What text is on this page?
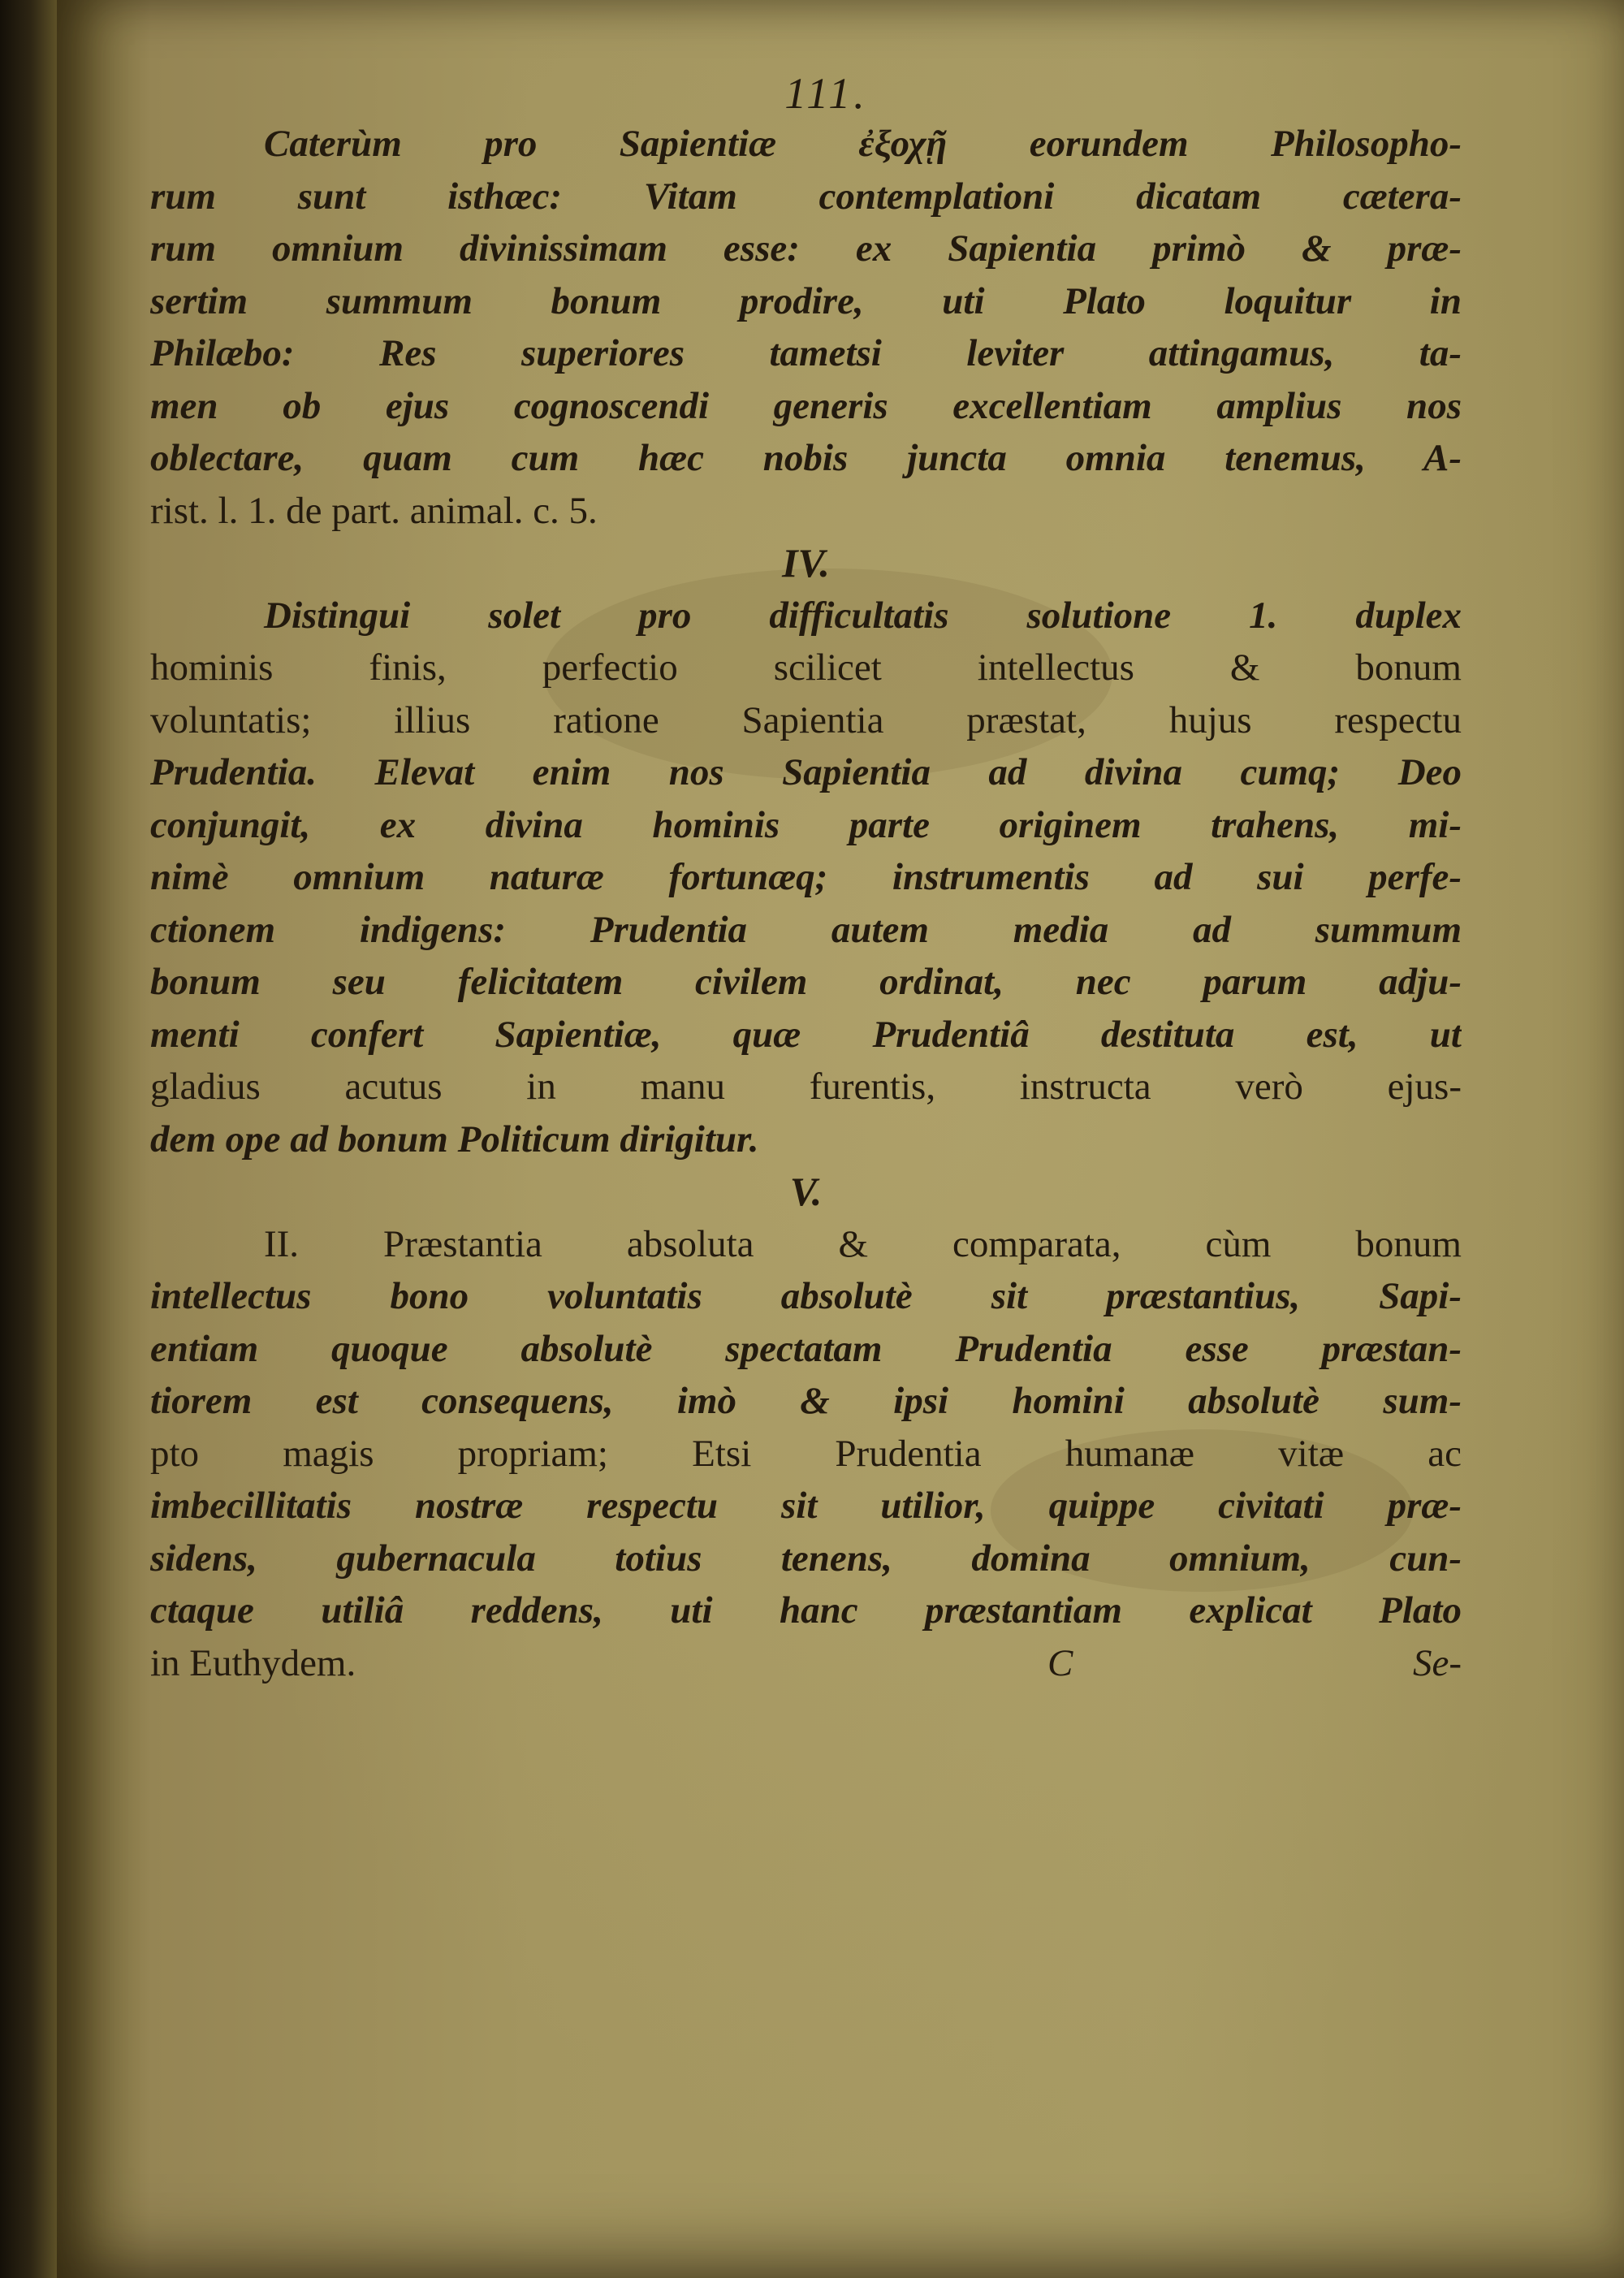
111.
Caterùm pro Sapientiæ ἐξοχῇ eorundem Philosopho-
rum sunt isthæc: Vitam contemplationi dicatam cætera-
rum omnium divinissimam esse: ex Sapientia primò & præ-
sertim summum bonum prodire, uti Plato loquitur in
Philæbo: Res superiores tametsi leviter attingamus, ta-
men ob ejus cognoscendi generis excellentiam amplius nos
oblectare, quam cum hæc nobis juncta omnia tenemus, A-
rist. l. 1. de part. animal. c. 5.
IV.
Distingui solet pro difficultatis solutione 1. duplex
hominis finis, perfectio scilicet intellectus & bonum
voluntatis; illius ratione Sapientia præstat, hujus respectu
Prudentia. Elevat enim nos Sapientia ad divina cumq; Deo
conjungit, ex divina hominis parte originem trahens, mi-
nimè omnium naturæ fortunæq; instrumentis ad sui perfe-
ctionem indigens: Prudentia autem media ad summum
bonum seu felicitatem civilem ordinat, nec parum adju-
menti confert Sapientiæ, quæ Prudentiâ destituta est, ut
gladius acutus in manu furentis, instructa verò ejus-
dem ope ad bonum Politicum dirigitur.
V.
II. Præstantia absoluta & comparata, cùm bonum
intellectus bono voluntatis absolutè sit præstantius, Sapi-
entiam quoque absolutè spectatam Prudentia esse præstan-
tiorem est consequens, imò & ipsi homini absolutè sum-
pto magis propriam; Etsi Prudentia humanæ vitæ ac
imbecillitatis nostræ respectu sit utilior, quippe civitati præ-
sidens, gubernacula totius tenens, domina omnium, cun-
ctaque utiliâ reddens, uti hanc præstantiam explicat Plato
in Euthydem.	C	Se-
